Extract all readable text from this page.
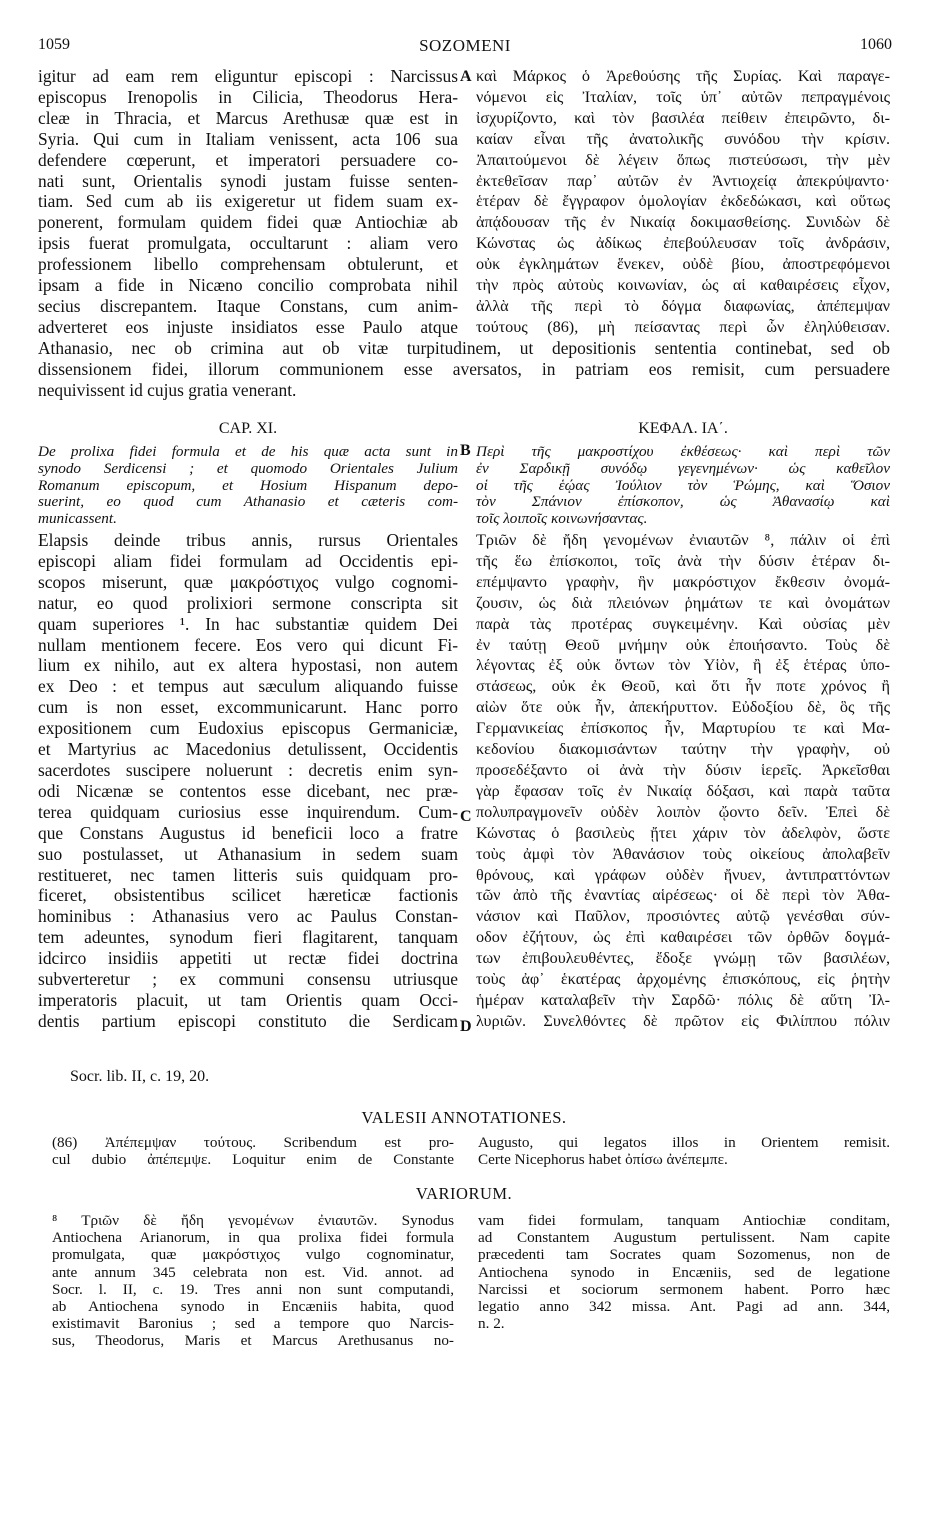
1059	SOZOMENI	1060
igitur ad eam rem eliguntur episcopi : Narcissus
episcopus Irenopolis in Cilicia, Theodorus Hera-
cleæ in Thracia, et Marcus Arethusæ quæ est in
Syria. Qui cum in Italiam venissent, acta 106 sua
defendere cœperunt, et imperatori persuadere co-
nati sunt, Orientalis synodi justam fuisse senten-
tiam. Sed cum ab iis exigeretur ut fidem suam ex-
ponerent, formulam quidem fidei quæ Antiochiæ ab
ipsis fuerat promulgata, occultarunt : aliam vero
professionem libello comprehensam obtulerunt, et
ipsam a fide in Nicæno concilio comprobata nihil
secius discrepantem. Itaque Constans, cum anim-
adverteret eos injuste insidiatos esse Paulo atque
καὶ Μάρκος ὁ Ἀρεθούσης τῆς Συρίας. Καὶ παραγε-
νόμενοι εἰς Ἰταλίαν, τοῖς ὑπ᾽ αὐτῶν πεπραγμένοις
ἰσχυρίζοντο, καὶ τὸν βασιλέα πείθειν ἐπειρῶντο, δι-
καίαν εἶναι τῆς ἀνατολικῆς συνόδου τὴν κρίσιν.
Ἀπαιτούμενοι δὲ λέγειν ὅπως πιστεύσωσι, τὴν μὲν
ἐκτεθεῖσαν παρ᾽ αὐτῶν ἐν Ἀντιοχείᾳ ἀπεκρύψαντο·
ἑτέραν δὲ ἔγγραφον ὁμολογίαν ἐκδεδώκασι, καὶ οὕτως
ἀπᾴδουσαν τῆς ἐν Νικαίᾳ δοκιμασθείσης. Συνιδὼν δὲ
Κώνστας ὡς ἀδίκως ἐπεβούλευσαν τοῖς ἀνδράσιν,
οὐκ ἐγκλημάτων ἕνεκεν, οὐδὲ βίου, ἀποστρεφόμενοι
τὴν πρὸς αὐτοὺς κοινωνίαν, ὡς αἱ καθαιρέσεις εἶχον,
ἀλλὰ τῆς περὶ τὸ δόγμα διαφωνίας, ἀπέπεμψαν
τούτους (86), μὴ πείσαντας περὶ ὧν ἐληλύθεισαν.
A
Athanasio, nec ob crimina aut ob vitæ turpitudinem, ut depositionis sententia continebat, sed ob
dissensionem fidei, illorum communionem esse aversatos, in patriam eos remisit, cum persuadere
nequivissent id cujus gratia venerant.
CAP. XI.
B
ΚΕΦΑΛ. ΙΑ΄.
De prolixa fidei formula et de his quæ acta sunt in
synodo Serdicensi ; et quomodo Orientales Julium
Romanum episcopum, et Hosium Hispanum depo-
suerint, eo quod cum Athanasio et cæteris com-
municassent.
Περὶ τῆς μακροστίχου ἐκθέσεως· καὶ περὶ τῶν
ἐν Σαρδικῇ συνόδῳ γεγενημένων· ὡς καθεῖλον
οἱ τῆς ἑῴας Ἰούλιον τὸν Ῥώμης, καὶ Ὅσιον
τὸν Σπάνιον ἐπίσκοπον, ὡς Ἀθανασίῳ καὶ
τοῖς λοιποῖς κοινωνήσαντας.
Elapsis deinde tribus annis, rursus Orientales
episcopi aliam fidei formulam ad Occidentis epi-
scopos miserunt, quæ μακρόστιχος vulgo cognomi-
natur, eo quod prolixiori sermone conscripta sit
quam superiores ¹. In hac substantiæ quidem Dei
nullam mentionem fecere. Eos vero qui dicunt Fi-
lium ex nihilo, aut ex altera hypostasi, non autem
ex Deo : et tempus aut sæculum aliquando fuisse
cum is non esset, excommunicarunt. Hanc porro
expositionem cum Eudoxius episcopus Germaniciæ,
et Martyrius ac Macedonius detulissent, Occidentis
sacerdotes suscipere noluerunt : decretis enim syn-
odi Nicænæ se contentos esse dicebant, nec præ-
terea quidquam curiosius esse inquirendum. Cum-
que Constans Augustus id beneficii loco a fratre
suo postulasset, ut Athanasium in sedem suam
restitueret, nec tamen litteris suis quidquam pro-
ficeret, obsistentibus scilicet hæreticæ factionis
hominibus : Athanasius vero ac Paulus Constan-
tem adeuntes, synodum fieri flagitarent, tanquam
idcirco insidiis appetiti ut rectæ fidei doctrina
subverteretur ; ex communi consensu utriusque
imperatoris placuit, ut tam Orientis quam Occi-
dentis partium episcopi constituto die Serdicam
Τριῶν δὲ ἤδη γενομένων ἐνιαυτῶν ⁸, πάλιν οἱ ἐπὶ
τῆς ἕω ἐπίσκοποι, τοῖς ἀνὰ τὴν δύσιν ἑτέραν δι-
επέμψαντο γραφὴν, ἣν μακρόστιχον ἔκθεσιν ὀνομά-
ζουσιν, ὡς διὰ πλειόνων ῥημάτων τε καὶ ὀνομάτων
παρὰ τὰς προτέρας συγκειμένην. Καὶ οὐσίας μὲν
ἐν ταύτῃ Θεοῦ μνήμην οὐκ ἐποιήσαντο. Τοὺς δὲ
λέγοντας ἐξ οὐκ ὄντων τὸν Υἱὸν, ἢ ἐξ ἑτέρας ὑπο-
στάσεως, οὐκ ἐκ Θεοῦ, καὶ ὅτι ἦν ποτε χρόνος ἢ
αἰὼν ὅτε οὐκ ἦν, ἀπεκήρυττον. Εὐδοξίου δὲ, ὃς τῆς
Γερμανικείας ἐπίσκοπος ἦν, Μαρτυρίου τε καὶ Μα-
κεδονίου διακομισάντων ταύτην τὴν γραφὴν, οὐ
προσεδέξαντο οἱ ἀνὰ τὴν δύσιν ἱερεῖς. Ἀρκεῖσθαι
γὰρ ἔφασαν τοῖς ἐν Νικαίᾳ δόξασι, καὶ παρὰ ταῦτα
πολυπραγμονεῖν οὐδὲν λοιπὸν ᾤοντο δεῖν. Ἐπεὶ δὲ
Κώνστας ὁ βασιλεὺς ᾔτει χάριν τὸν ἀδελφὸν, ὥστε
τοὺς ἀμφὶ τὸν Ἀθανάσιον τοὺς οἰκείους ἀπολαβεῖν
θρόνους, καὶ γράφων οὐδὲν ἤνυεν, ἀντιπραττόντων
τῶν ἀπὸ τῆς ἐναντίας αἱρέσεως· οἱ δὲ περὶ τὸν Ἀθα-
νάσιον καὶ Παῦλον, προσιόντες αὐτῷ γενέσθαι σύν-
οδον ἐζήτουν, ὡς ἐπὶ καθαιρέσει τῶν ὀρθῶν δογμά-
των ἐπιβουλευθέντες, ἔδοξε γνώμῃ τῶν βασιλέων,
τοὺς ἀφ᾽ ἑκατέρας ἀρχομένης ἐπισκόπους, εἰς ῥητὴν
ἡμέραν καταλαβεῖν τὴν Σαρδῶ· πόλις δὲ αὕτη Ἰλ-
λυριῶν. Συνελθόντες δὲ πρῶτον εἰς Φιλίππου πόλιν
C
D
Socr. lib. II, c. 19, 20.
VALESII ANNOTATIONES.
(86) Ἀπέπεμψαν τούτους. Scribendum est pro-
cul dubio ἀπέπεμψε. Loquitur enim de Constante
Augusto, qui legatos illos in Orientem remisit.
Certe Nicephorus habet ὀπίσω ἀνέπεμπε.
VARIORUM.
⁸ Τριῶν δὲ ἤδη γενομένων ἐνιαυτῶν. Synodus
Antiochena Arianorum, in qua prolixa fidei formula
promulgata, quæ μακρόστιχος vulgo cognominatur,
ante annum 345 celebrata non est. Vid. annot. ad
Socr. l. II, c. 19. Tres anni non sunt computandi,
ab Antiochena synodo in Encæniis habita, quod
existimavit Baronius ; sed a tempore quo Narcis-
sus, Theodorus, Maris et Marcus Arethusanus no-
vam fidei formulam, tanquam Antiochiæ conditam,
ad Constantem Augustum pertulissent. Nam capite
præcedenti tam Socrates quam Sozomenus, non de
Antiochena synodo in Encæniis, sed de legatione
Narcissi et sociorum sermonem habent. Porro hæc
legatio anno 342 missa. Ant. Pagi ad ann. 344,
n. 2.
